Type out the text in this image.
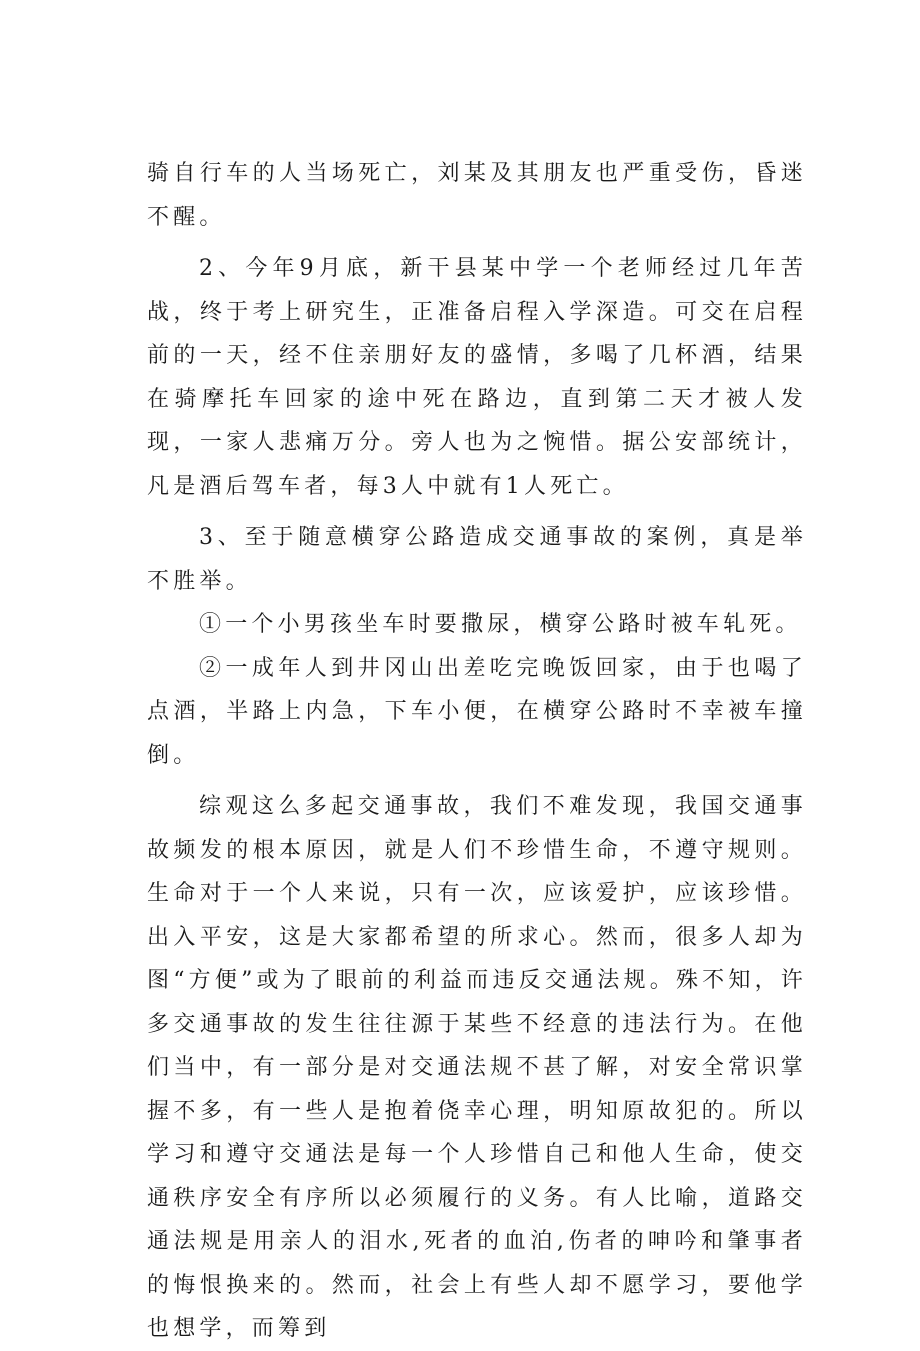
骑自行车的人当场死亡，刘某及其朋友也严重受伤，昏迷不醒。

2、今年9月底，新干县某中学一个老师经过几年苦战，终于考上研究生，正准备启程入学深造。可交在启程前的一天，经不住亲朋好友的盛情，多喝了几杯酒，结果在骑摩托车回家的途中死在路边，直到第二天才被人发现，一家人悲痛万分。旁人也为之惋惜。据公安部统计，凡是酒后驾车者，每3人中就有1人死亡。

3、至于随意横穿公路造成交通事故的案例，真是举不胜举。

①一个小男孩坐车时要撒尿，横穿公路时被车轧死。

②一成年人到井冈山出差吃完晚饭回家，由于也喝了点酒，半路上内急，下车小便，在横穿公路时不幸被车撞倒。

综观这么多起交通事故，我们不难发现，我国交通事故频发的根本原因，就是人们不珍惜生命，不遵守规则。生命对于一个人来说，只有一次，应该爱护，应该珍惜。出入平安，这是大家都希望的所求心。然而，很多人却为图“方便”或为了眼前的利益而违反交通法规。殊不知，许多交通事故的发生往往源于某些不经意的违法行为。在他们当中，有一部分是对交通法规不甚了解，对安全常识掌握不多，有一些人是抱着侥幸心理，明知原故犯的。所以学习和遵守交通法是每一个人珍惜自己和他人生命，使交通秩序安全有序所以必须履行的义务。有人比喻，道路交通法规是用亲人的泪水,死者的血泊,伤者的呻吟和肇事者的悔恨换来的。然而，社会上有些人却不愿学习，要他学也想学，而筹到
